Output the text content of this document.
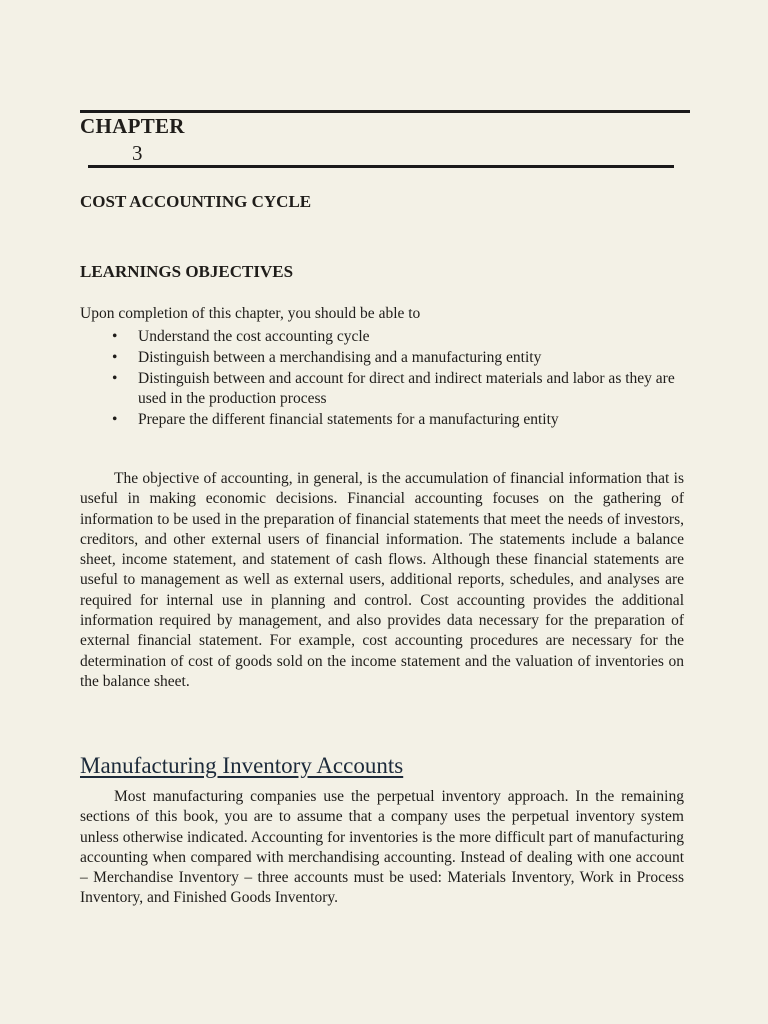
CHAPTER
3
COST ACCOUNTING CYCLE
LEARNINGS OBJECTIVES
Upon completion of this chapter, you should be able to
• Understand the cost accounting cycle
• Distinguish between a merchandising and a manufacturing entity
• Distinguish between and account for direct and indirect materials and labor as they are used in the production process
• Prepare the different financial statements for a manufacturing entity

The objective of accounting, in general, is the accumulation of financial information that is useful in making economic decisions. Financial accounting focuses on the gathering of information to be used in the preparation of financial statements that meet the needs of investors, creditors, and other external users of financial information. The statements include a balance sheet, income statement, and statement of cash flows. Although these financial statements are useful to management as well as external users, additional reports, schedules, and analyses are required for internal use in planning and control. Cost accounting provides the additional information required by management, and also provides data necessary for the preparation of external financial statement. For example, cost accounting procedures are necessary for the determination of cost of goods sold on the income statement and the valuation of inventories on the balance sheet.

Manufacturing Inventory Accounts

Most manufacturing companies use the perpetual inventory approach. In the remaining sections of this book, you are to assume that a company uses the perpetual inventory system unless otherwise indicated. Accounting for inventories is the more difficult part of manufacturing accounting when compared with merchandising accounting. Instead of dealing with one account – Merchandise Inventory – three accounts must be used: Materials Inventory, Work in Process Inventory, and Finished Goods Inventory.
